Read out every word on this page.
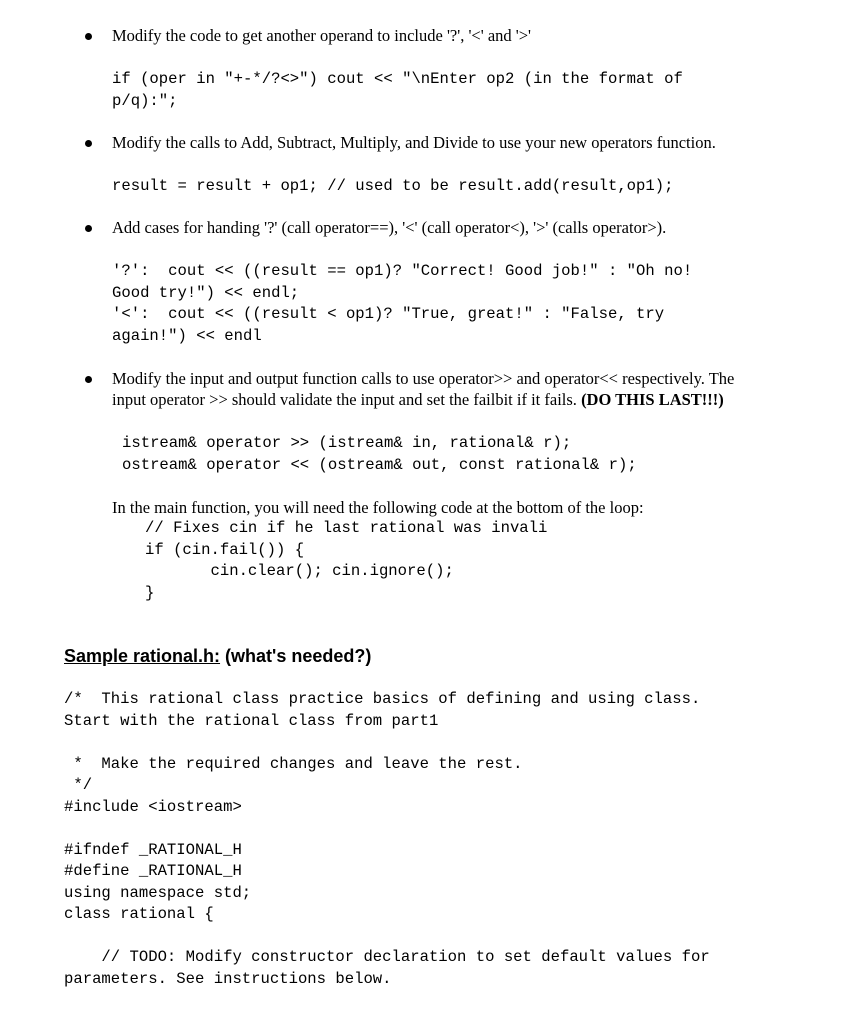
Modify the code to get another operand to include '?', '<' and '>'
if (oper in "+-*/?<>") cout << "\nEnter op2 (in the format of
p/q):";
Modify the calls to Add, Subtract, Multiply, and Divide to use your new operators function.
result = result + op1; // used to be result.add(result,op1);
Add cases for handing '?' (call operator==), '<' (call operator<), '>' (calls operator>).
'?':  cout << ((result == op1)? "Correct! Good job!" : "Oh no!
Good try!") << endl;
'<':  cout << ((result < op1)? "True, great!" : "False, try
again!") << endl
Modify the input and output function calls to use operator>> and operator<< respectively. The
input operator >> should validate the input and set the failbit if it fails. (DO THIS LAST!!!)
istream& operator >> (istream& in, rational& r);
ostream& operator << (ostream& out, const rational& r);
In the main function, you will need the following code at the bottom of the loop:
// Fixes cin if he last rational was invali
if (cin.fail()) {
cin.clear(); cin.ignore();
}
Sample rational.h: (what's needed?)
/*  This rational class practice basics of defining and using class.
Start with the rational class from part1

*  Make the required changes and leave the rest.
*/
#include <iostream>

#ifndef _RATIONAL_H
#define _RATIONAL_H
using namespace std;
class rational {

// TODO: Modify constructor declaration to set default values for
parameters. See instructions below.
